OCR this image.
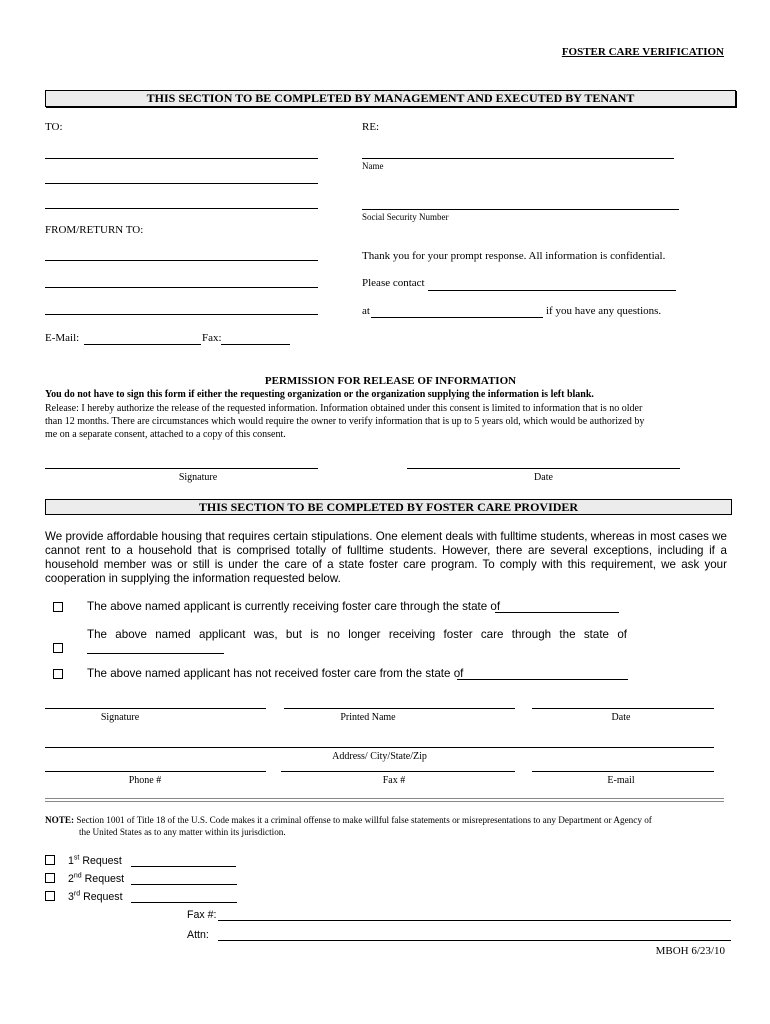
FOSTER CARE VERIFICATION
THIS SECTION TO BE COMPLETED BY MANAGEMENT AND EXECUTED BY TENANT
TO:	RE:
Name
Social Security Number
FROM/RETURN TO:
Thank you for your prompt response. All information is confidential.
Please contact
at	if you have any questions.
E-Mail:	Fax:
PERMISSION FOR RELEASE OF INFORMATION
You do not have to sign this form if either the requesting organization or the organization supplying the information is left blank.
Release: I hereby authorize the release of the requested information. Information obtained under this consent is limited to information that is no older
than 12 months. There are circumstances which would require the owner to verify information that is up to 5 years old, which would be authorized by
me on a separate consent, attached to a copy of this consent.
Signature	Date
THIS SECTION TO BE COMPLETED BY FOSTER CARE PROVIDER
We provide affordable housing that requires certain stipulations. One element deals with fulltime students, whereas in most cases we
cannot rent to a household that is comprised totally of fulltime students. However, there are several exceptions, including if a
household member was or still is under the care of a state foster care program. To comply with this requirement, we ask your
cooperation in supplying the information requested below.
The above named applicant is currently receiving foster care through the state of
The above named applicant was, but is no longer receiving foster care through the state of
The above named applicant has not received foster care from the state of
Signature	Printed Name	Date
Address/ City/State/Zip
Phone #	Fax #	E-mail
NOTE: Section 1001 of Title 18 of the U.S. Code makes it a criminal offense to make willful false statements or misrepresentations to any Department or Agency of
the United States as to any matter within its jurisdiction.
1st Request
2nd Request
3rd Request
Fax #:
Attn:
MBOH 6/23/10
